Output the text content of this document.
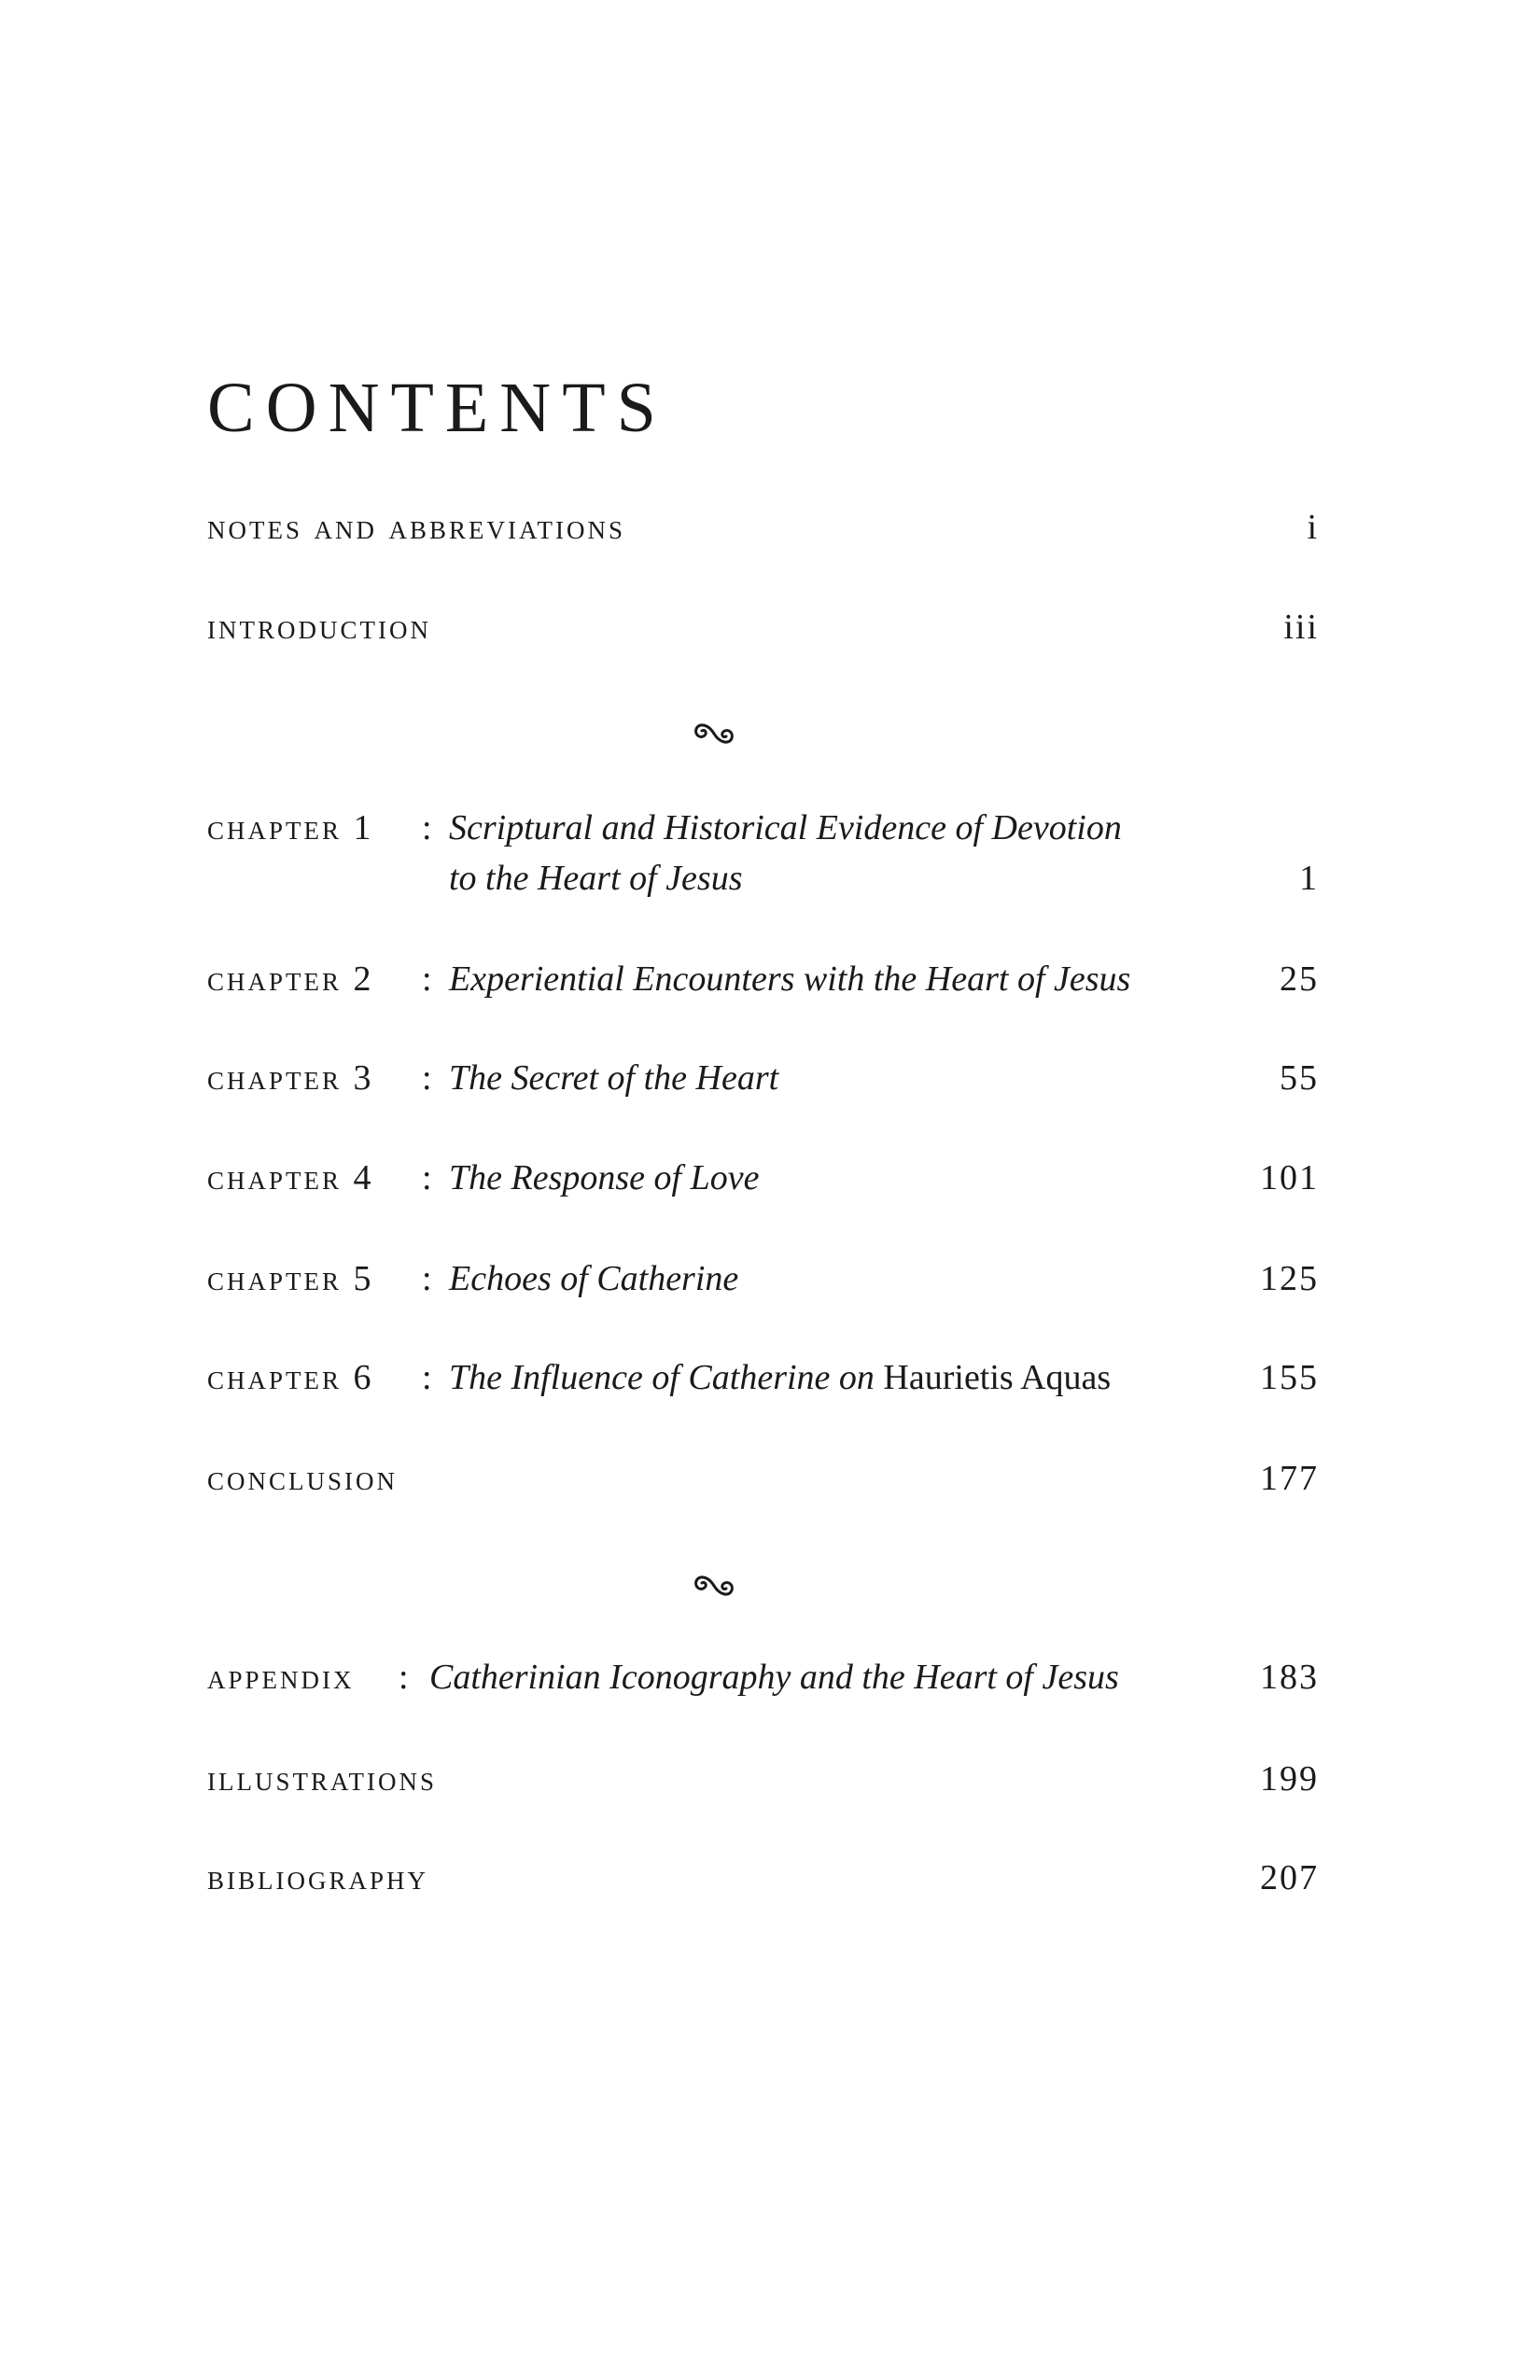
CONTENTS
notes and abbreviations	i
introduction	iii
chapter 1 : Scriptural and Historical Evidence of Devotion
to the Heart of Jesus	1
chapter 2 : Experiential Encounters with the Heart of Jesus	25
chapter 3 : The Secret of the Heart	55
chapter 4 : The Response of Love	101
chapter 5 : Echoes of Catherine	125
chapter 6 : The Influence of Catherine on Haurietis Aquas	155
conclusion	177
appendix : Catherinian Iconography and the Heart of Jesus	183
illustrations	199
bibliography	207
